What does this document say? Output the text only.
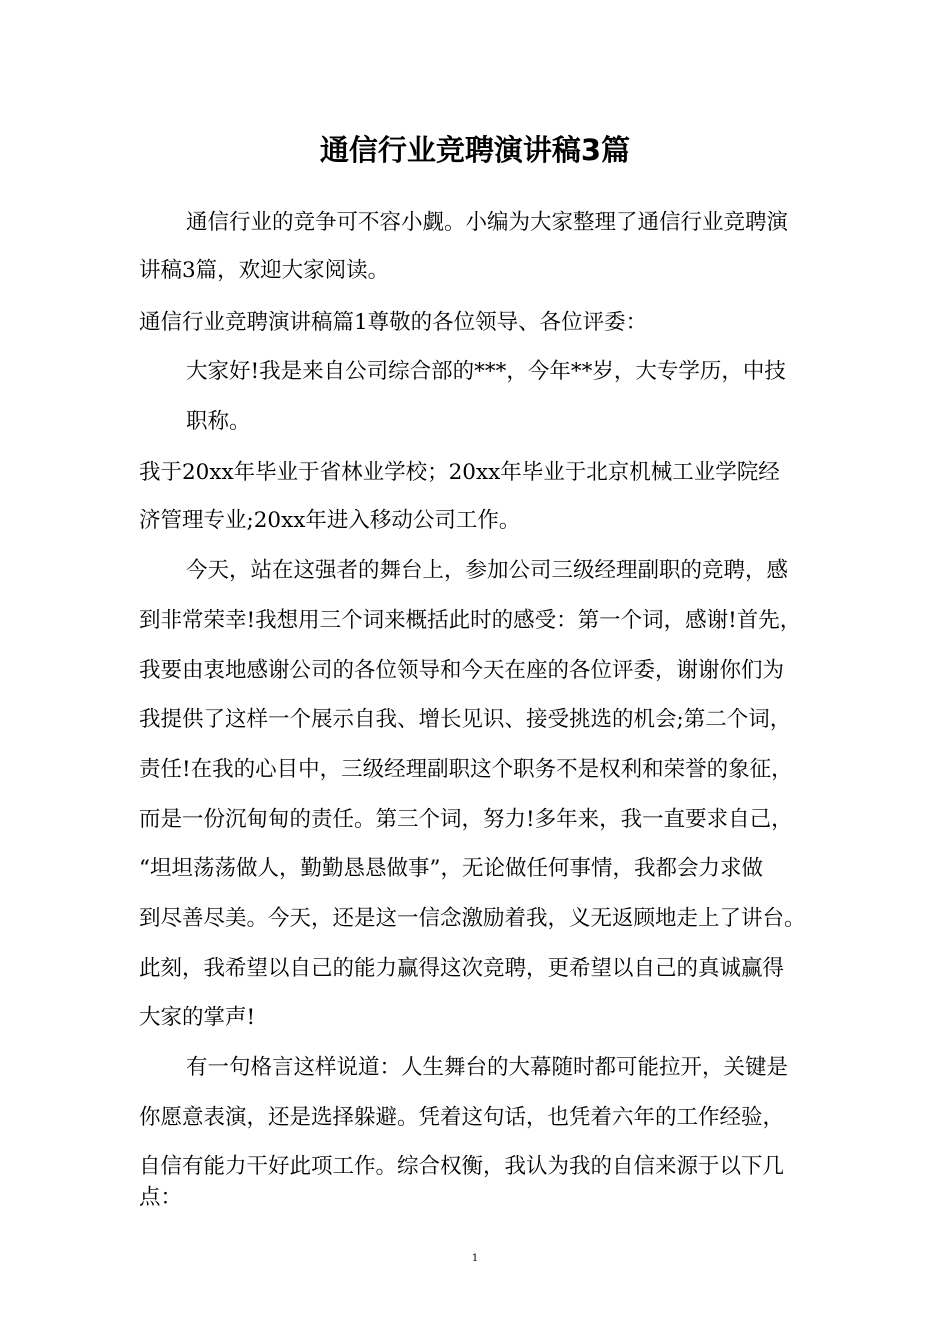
通信行业竞聘演讲稿3篇

通信行业的竞争可不容小觑。小编为大家整理了通信行业竞聘演

讲稿3篇，欢迎大家阅读。

通信行业竞聘演讲稿篇1尊敬的各位领导、各位评委：

大家好!我是来自公司综合部的***，今年**岁，大专学历，中技

职称。

我于20xx年毕业于省林业学校；20xx年毕业于北京机械工业学院经

济管理专业;20xx年进入移动公司工作。

今天，站在这强者的舞台上，参加公司三级经理副职的竞聘，感

到非常荣幸!我想用三个词来概括此时的感受：第一个词，感谢!首先，

我要由衷地感谢公司的各位领导和今天在座的各位评委，谢谢你们为

我提供了这样一个展示自我、增长见识、接受挑选的机会;第二个词，

责任!在我的心目中，三级经理副职这个职务不是权利和荣誉的象征，

而是一份沉甸甸的责任。第三个词，努力!多年来，我一直要求自己，

“坦坦荡荡做人，勤勤恳恳做事”，无论做任何事情，我都会力求做

到尽善尽美。今天，还是这一信念激励着我，义无返顾地走上了讲台。

此刻，我希望以自己的能力赢得这次竞聘，更希望以自己的真诚赢得

大家的掌声!

有一句格言这样说道：人生舞台的大幕随时都可能拉开，关键是

你愿意表演，还是选择躲避。凭着这句话，也凭着六年的工作经验，

自信有能力干好此项工作。综合权衡，我认为我的自信来源于以下几

点：

1
